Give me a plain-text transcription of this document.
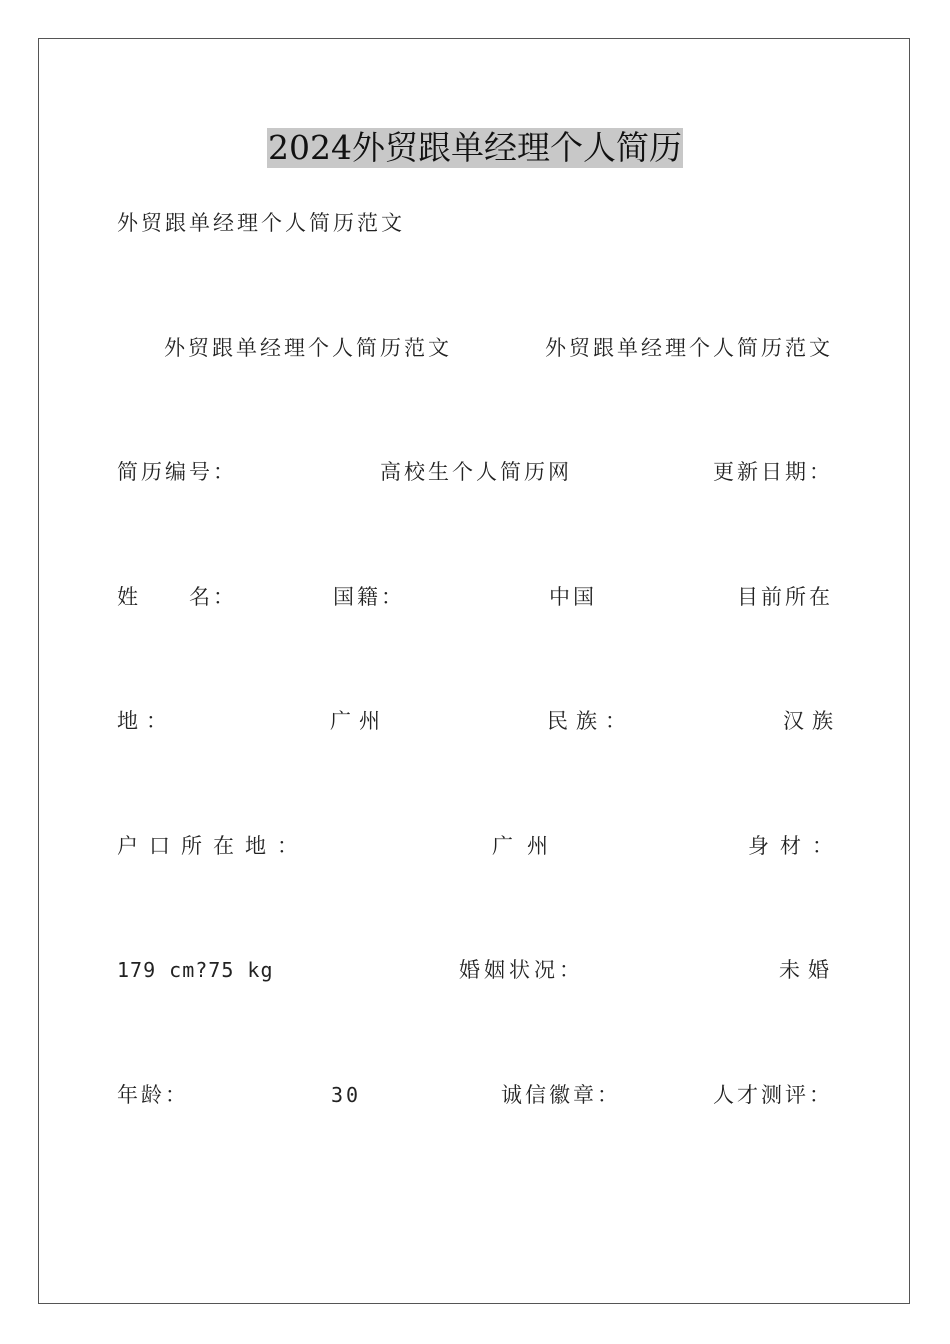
2024外贸跟单经理个人简历
外贸跟单经理个人简历范文
外贸跟单经理个人简历范文	外贸跟单经理个人简历范文
简历编号：	高校生个人简历网	更新日期：
姓　　名：	国籍：	中国	目前所在
地：	广州	民族：	汉族
户口所在地：	广州	身材：
179 cm?75 kg	婚姻状况：	未婚
年龄：	30	诚信徽章：	人才测评：
